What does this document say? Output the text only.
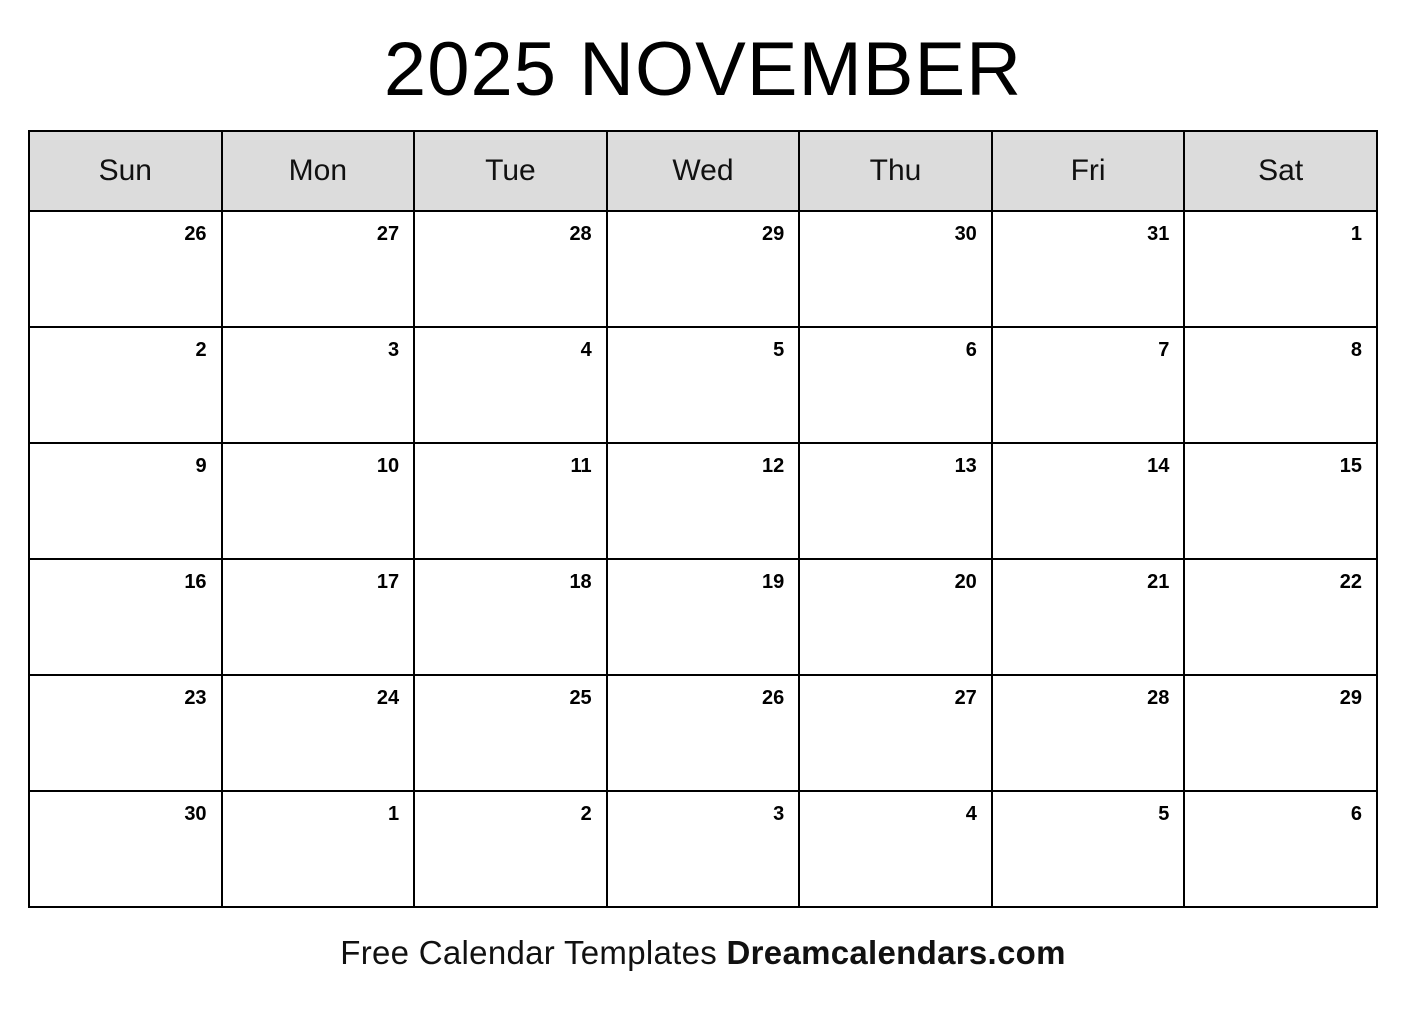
2025 NOVEMBER
Sun	Mon	Tue	Wed	Thu	Fri	Sat

26	27	28	29	30	31	1

2	3	4	5	6	7	8

9	10	11	12	13	14	15

16	17	18	19	20	21	22

23	24	25	26	27	28	29

30	1	2	3	4	5	6
Free Calendar Templates Dreamcalendars.com
